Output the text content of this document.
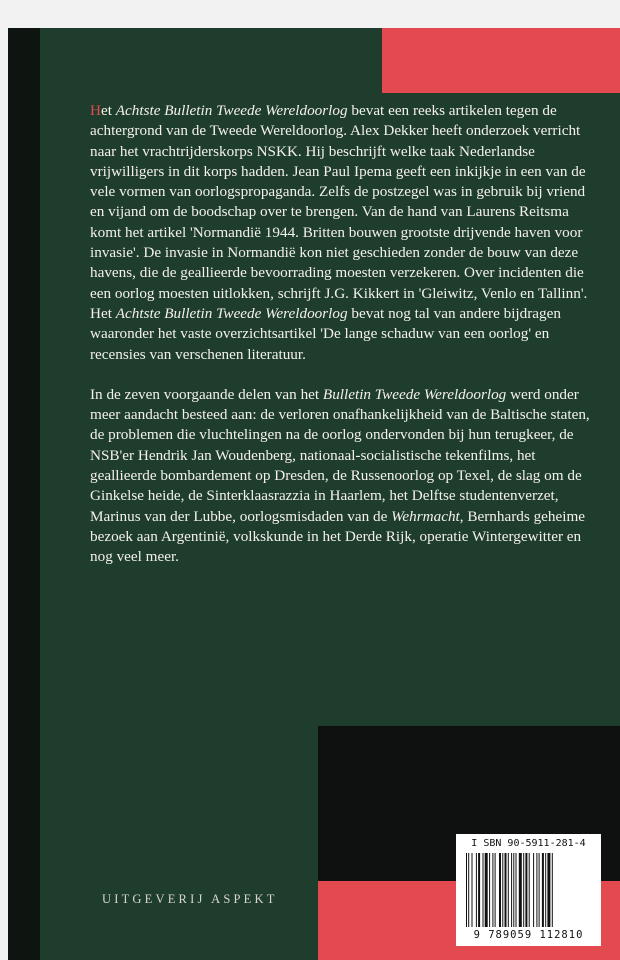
Het Achtste Bulletin Tweede Wereldoorlog bevat een reeks artikelen tegen de achtergrond van de Tweede Wereldoorlog. Alex Dekker heeft onderzoek verricht naar het vrachtrijderskorps NSKK. Hij beschrijft welke taak Nederlandse vrijwilligers in dit korps hadden. Jean Paul Ipema geeft een inkijkje in een van de vele vormen van oorlogspropaganda. Zelfs de postzegel was in gebruik bij vriend en vijand om de boodschap over te brengen. Van de hand van Laurens Reitsma komt het artikel 'Normandië 1944. Britten bouwen grootste drijvende haven voor invasie'. De invasie in Normandië kon niet geschieden zonder de bouw van deze havens, die de geallieerde bevoorrading moesten verzekeren. Over incidenten die een oorlog moesten uitlokken, schrijft J.G. Kikkert in 'Gleiwitz, Venlo en Tallinn'. Het Achtste Bulletin Tweede Wereldoorlog bevat nog tal van andere bijdragen waaronder het vaste overzichtsartikel 'De lange schaduw van een oorlog' en recensies van verschenen literatuur.

In de zeven voorgaande delen van het Bulletin Tweede Wereldoorlog werd onder meer aandacht besteed aan: de verloren onafhankelijkheid van de Baltische staten, de problemen die vluchtelingen na de oorlog ondervonden bij hun terugkeer, de NSB'er Hendrik Jan Woudenberg, nationaal-socialistische tekenfilms, het geallieerde bombardement op Dresden, de Russenoorlog op Texel, de slag om de Ginkelse heide, de Sinterklaasrazzia in Haarlem, het Delftse studentenverzet, Marinus van der Lubbe, oorlogsmisdaden van de Wehrmacht, Bernhards geheime bezoek aan Argentinië, volkskunde in het Derde Rijk, operatie Wintergewitter en nog veel meer.

I SBN 90-5911-281-4
9 789059 112810
UITGEVERIJ ASPEKT
